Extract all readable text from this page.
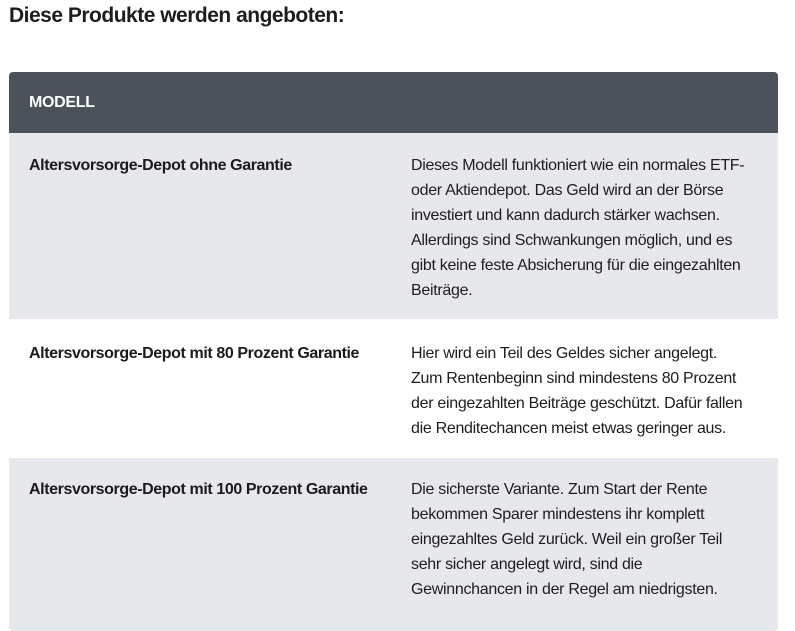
Diese Produkte werden angeboten:
MODELL
Altersvorsorge-Depot ohne Garantie	Dieses Modell funktioniert wie ein normales ETF- oder Aktiendepot. Das Geld wird an der Börse investiert und kann dadurch stärker wachsen. Allerdings sind Schwankungen möglich, und es gibt keine feste Absicherung für die eingezahlten Beiträge.
Altersvorsorge-Depot mit 80 Prozent Garantie	Hier wird ein Teil des Geldes sicher angelegt. Zum Rentenbeginn sind mindestens 80 Prozent der eingezahlten Beiträge geschützt. Dafür fallen die Renditechancen meist etwas geringer aus.
Altersvorsorge-Depot mit 100 Prozent Garantie	Die sicherste Variante. Zum Start der Rente bekommen Sparer mindestens ihr komplett eingezahltes Geld zurück. Weil ein großer Teil sehr sicher angelegt wird, sind die Gewinnchancen in der Regel am niedrigsten.
